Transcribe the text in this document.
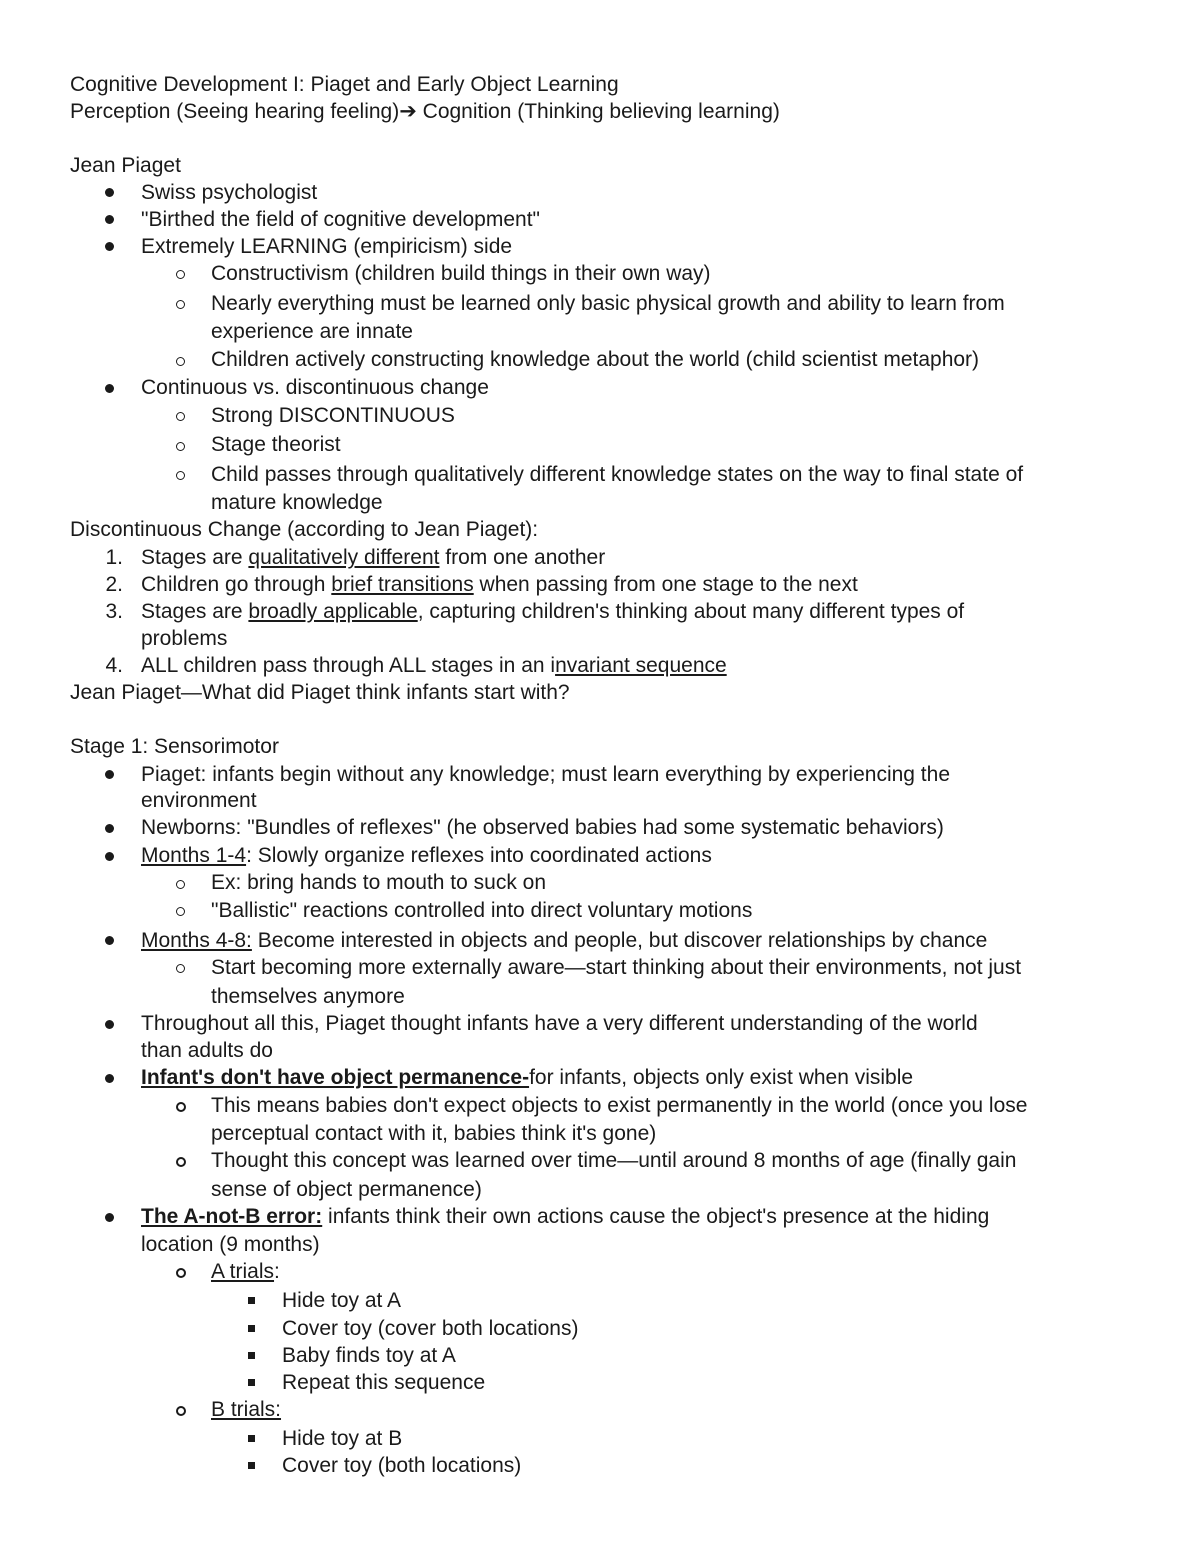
Cognitive Development I: Piaget and Early Object Learning
Perception (Seeing hearing feeling)➔ Cognition (Thinking believing learning)
Jean Piaget
Swiss psychologist
"Birthed the field of cognitive development"
Extremely LEARNING (empiricism) side
Constructivism (children build things in their own way)
Nearly everything must be learned only basic physical growth and ability to learn from
experience are innate
Children actively constructing knowledge about the world (child scientist metaphor)
Continuous vs. discontinuous change
Strong DISCONTINUOUS
Stage theorist
Child passes through qualitatively different knowledge states on the way to final state of
mature knowledge
Discontinuous Change (according to Jean Piaget):
1. Stages are qualitatively different from one another
2. Children go through brief transitions when passing from one stage to the next
3. Stages are broadly applicable, capturing children's thinking about many different types of
problems
4. ALL children pass through ALL stages in an invariant sequence
Jean Piaget—What did Piaget think infants start with?
Stage 1: Sensorimotor
Piaget: infants begin without any knowledge; must learn everything by experiencing the
environment
Newborns: "Bundles of reflexes" (he observed babies had some systematic behaviors)
Months 1-4: Slowly organize reflexes into coordinated actions
Ex: bring hands to mouth to suck on
"Ballistic" reactions controlled into direct voluntary motions
Months 4-8: Become interested in objects and people, but discover relationships by chance
Start becoming more externally aware—start thinking about their environments, not just
themselves anymore
Throughout all this, Piaget thought infants have a very different understanding of the world
than adults do
Infant's don't have object permanence-for infants, objects only exist when visible
This means babies don't expect objects to exist permanently in the world (once you lose
perceptual contact with it, babies think it's gone)
Thought this concept was learned over time—until around 8 months of age (finally gain
sense of object permanence)
The A-not-B error: infants think their own actions cause the object's presence at the hiding
location (9 months)
A trials:
Hide toy at A
Cover toy (cover both locations)
Baby finds toy at A
Repeat this sequence
B trials:
Hide toy at B
Cover toy (both locations)
